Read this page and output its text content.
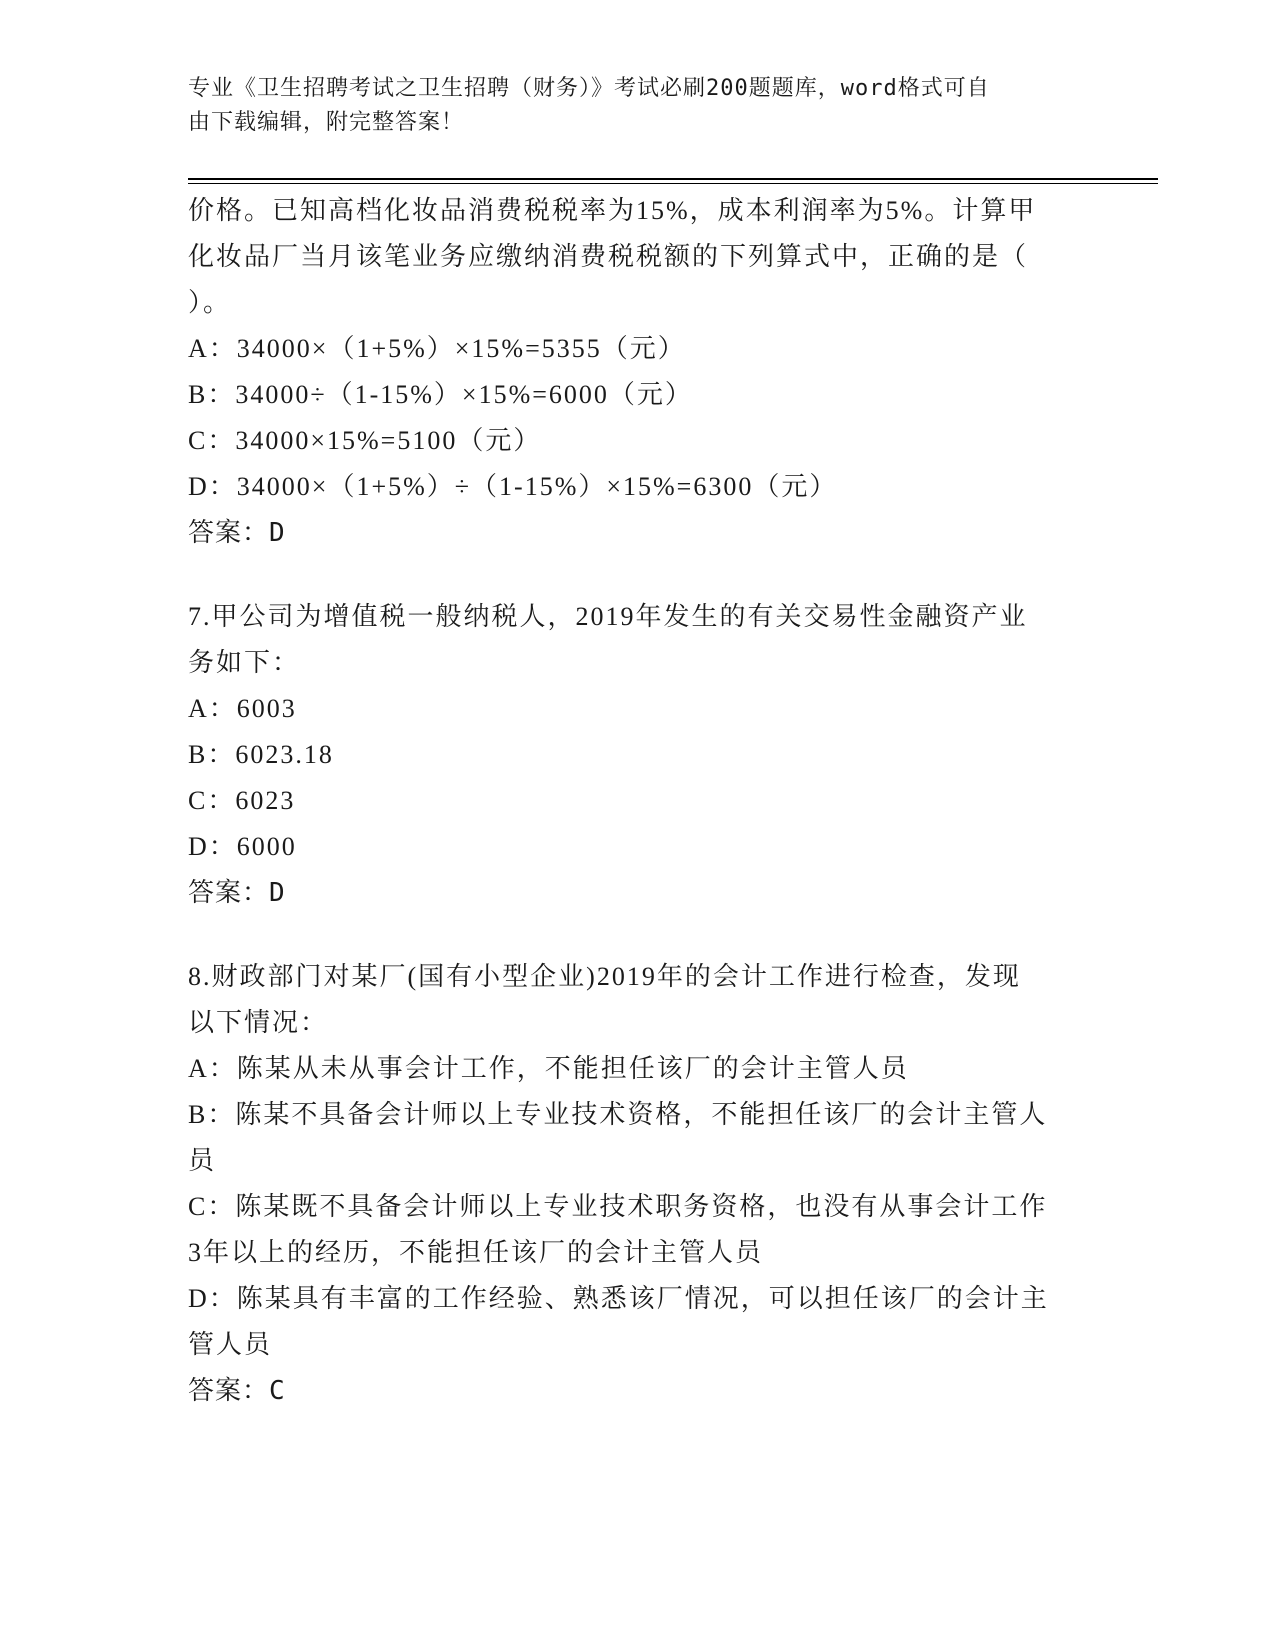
专业《卫生招聘考试之卫生招聘（财务）》考试必刷200题题库，word格式可自
由下载编辑，附完整答案！
价格。已知高档化妆品消费税税率为15%，成本利润率为5%。计算甲
化妆品厂当月该笔业务应缴纳消费税税额的下列算式中，正确的是（
）。
A：34000×（1+5%）×15%=5355（元）
B：34000÷（1-15%）×15%=6000（元）
C：34000×15%=5100（元）
D：34000×（1+5%）÷（1-15%）×15%=6300（元）
答案：D
7.甲公司为增值税一般纳税人，2019年发生的有关交易性金融资产业
务如下：
A：6003
B：6023.18
C：6023
D：6000
答案：D
8.财政部门对某厂(国有小型企业)2019年的会计工作进行检查，发现
以下情况：
A：陈某从未从事会计工作，不能担任该厂的会计主管人员
B：陈某不具备会计师以上专业技术资格，不能担任该厂的会计主管人
员
C：陈某既不具备会计师以上专业技术职务资格，也没有从事会计工作
3年以上的经历，不能担任该厂的会计主管人员
D：陈某具有丰富的工作经验、熟悉该厂情况，可以担任该厂的会计主
管人员
答案：C
